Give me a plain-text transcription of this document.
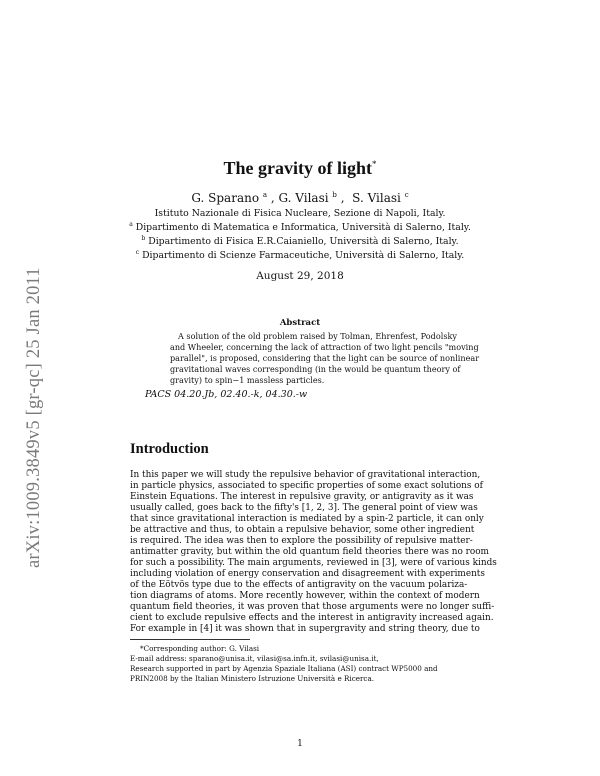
arXiv:1009.3849v5 [gr-qc] 25 Jan 2011
The gravity of light*
G. Sparano $^a$ , G. Vilasi $^b$ ,  S. Vilasi $^c$
Istituto Nazionale di Fisica Nucleare, Sezione di Napoli, Italy.
$^a$ Dipartimento di Matematica e Informatica, Università di Salerno, Italy.
$^b$ Dipartimento di Fisica E.R.Caianiello, Università di Salerno, Italy.
$^c$ Dipartimento di Scienze Farmaceutiche, Università di Salerno, Italy.
August 29, 2018
Abstract
A solution of the old problem raised by Tolman, Ehrenfest, Podolsky
and Wheeler, concerning the lack of attraction of two light pencils "moving
parallel", is proposed, considering that the light can be source of nonlinear
gravitational waves corresponding (in the would be quantum theory of
gravity) to spin−1 massless particles.
PACS 04.20.Jb, 02.40.-k, 04.30.-w
Introduction
In this paper we will study the repulsive behavior of gravitational interaction,
in particle physics, associated to specific properties of some exact solutions of
Einstein Equations. The interest in repulsive gravity, or antigravity as it was
usually called, goes back to the fifty's [1, 2, 3]. The general point of view was
that since gravitational interaction is mediated by a spin-2 particle, it can only
be attractive and thus, to obtain a repulsive behavior, some other ingredient
is required. The idea was then to explore the possibility of repulsive matter-
antimatter gravity, but within the old quantum field theories there was no room
for such a possibility. The main arguments, reviewed in [3], were of various kinds
including violation of energy conservation and disagreement with experiments
of the Eötvös type due to the effects of antigravity on the vacuum polariza-
tion diagrams of atoms. More recently however, within the context of modern
quantum field theories, it was proven that those arguments were no longer suffi-
cient to exclude repulsive effects and the interest in antigravity increased again.
For example in [4] it was shown that in supergravity and string theory, due to
*Corresponding author: G. Vilasi
E-mail address: sparano@unisa.it, vilasi@sa.infn.it, svilasi@unisa.it,
Research supported in part by Agenzia Spaziale Italiana (ASI) contract WP5000 and
PRIN2008 by the Italian Ministero Istruzione Università e Ricerca.
1
